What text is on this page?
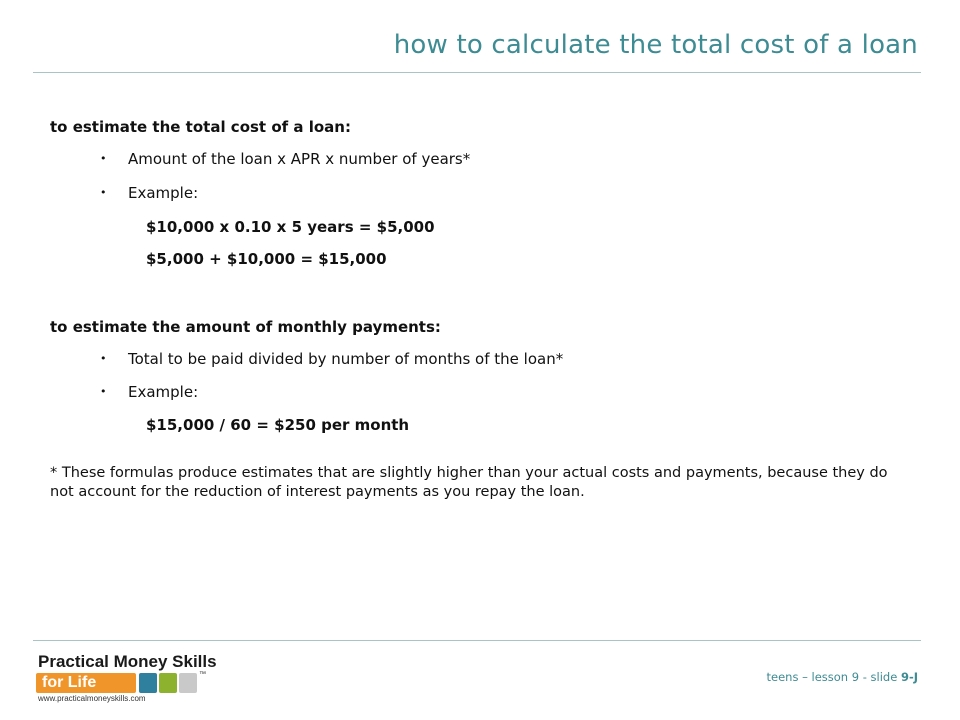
how to calculate the total cost of a loan
to estimate the total cost of a loan:
• Amount of the loan x APR x number of years*
• Example:
$10,000 x 0.10 x 5 years = $5,000
$5,000 + $10,000 = $15,000
to estimate the amount of monthly payments:
• Total to be paid divided by number of months of the loan*
• Example:
$15,000 / 60 = $250 per month
* These formulas produce estimates that are slightly higher than your actual costs and payments, because they do not account for the reduction of interest payments as you repay the loan.
Practical Money Skills
for Life	™
www.practicalmoneyskills.com
teens – lesson 9 - slide 9-J
